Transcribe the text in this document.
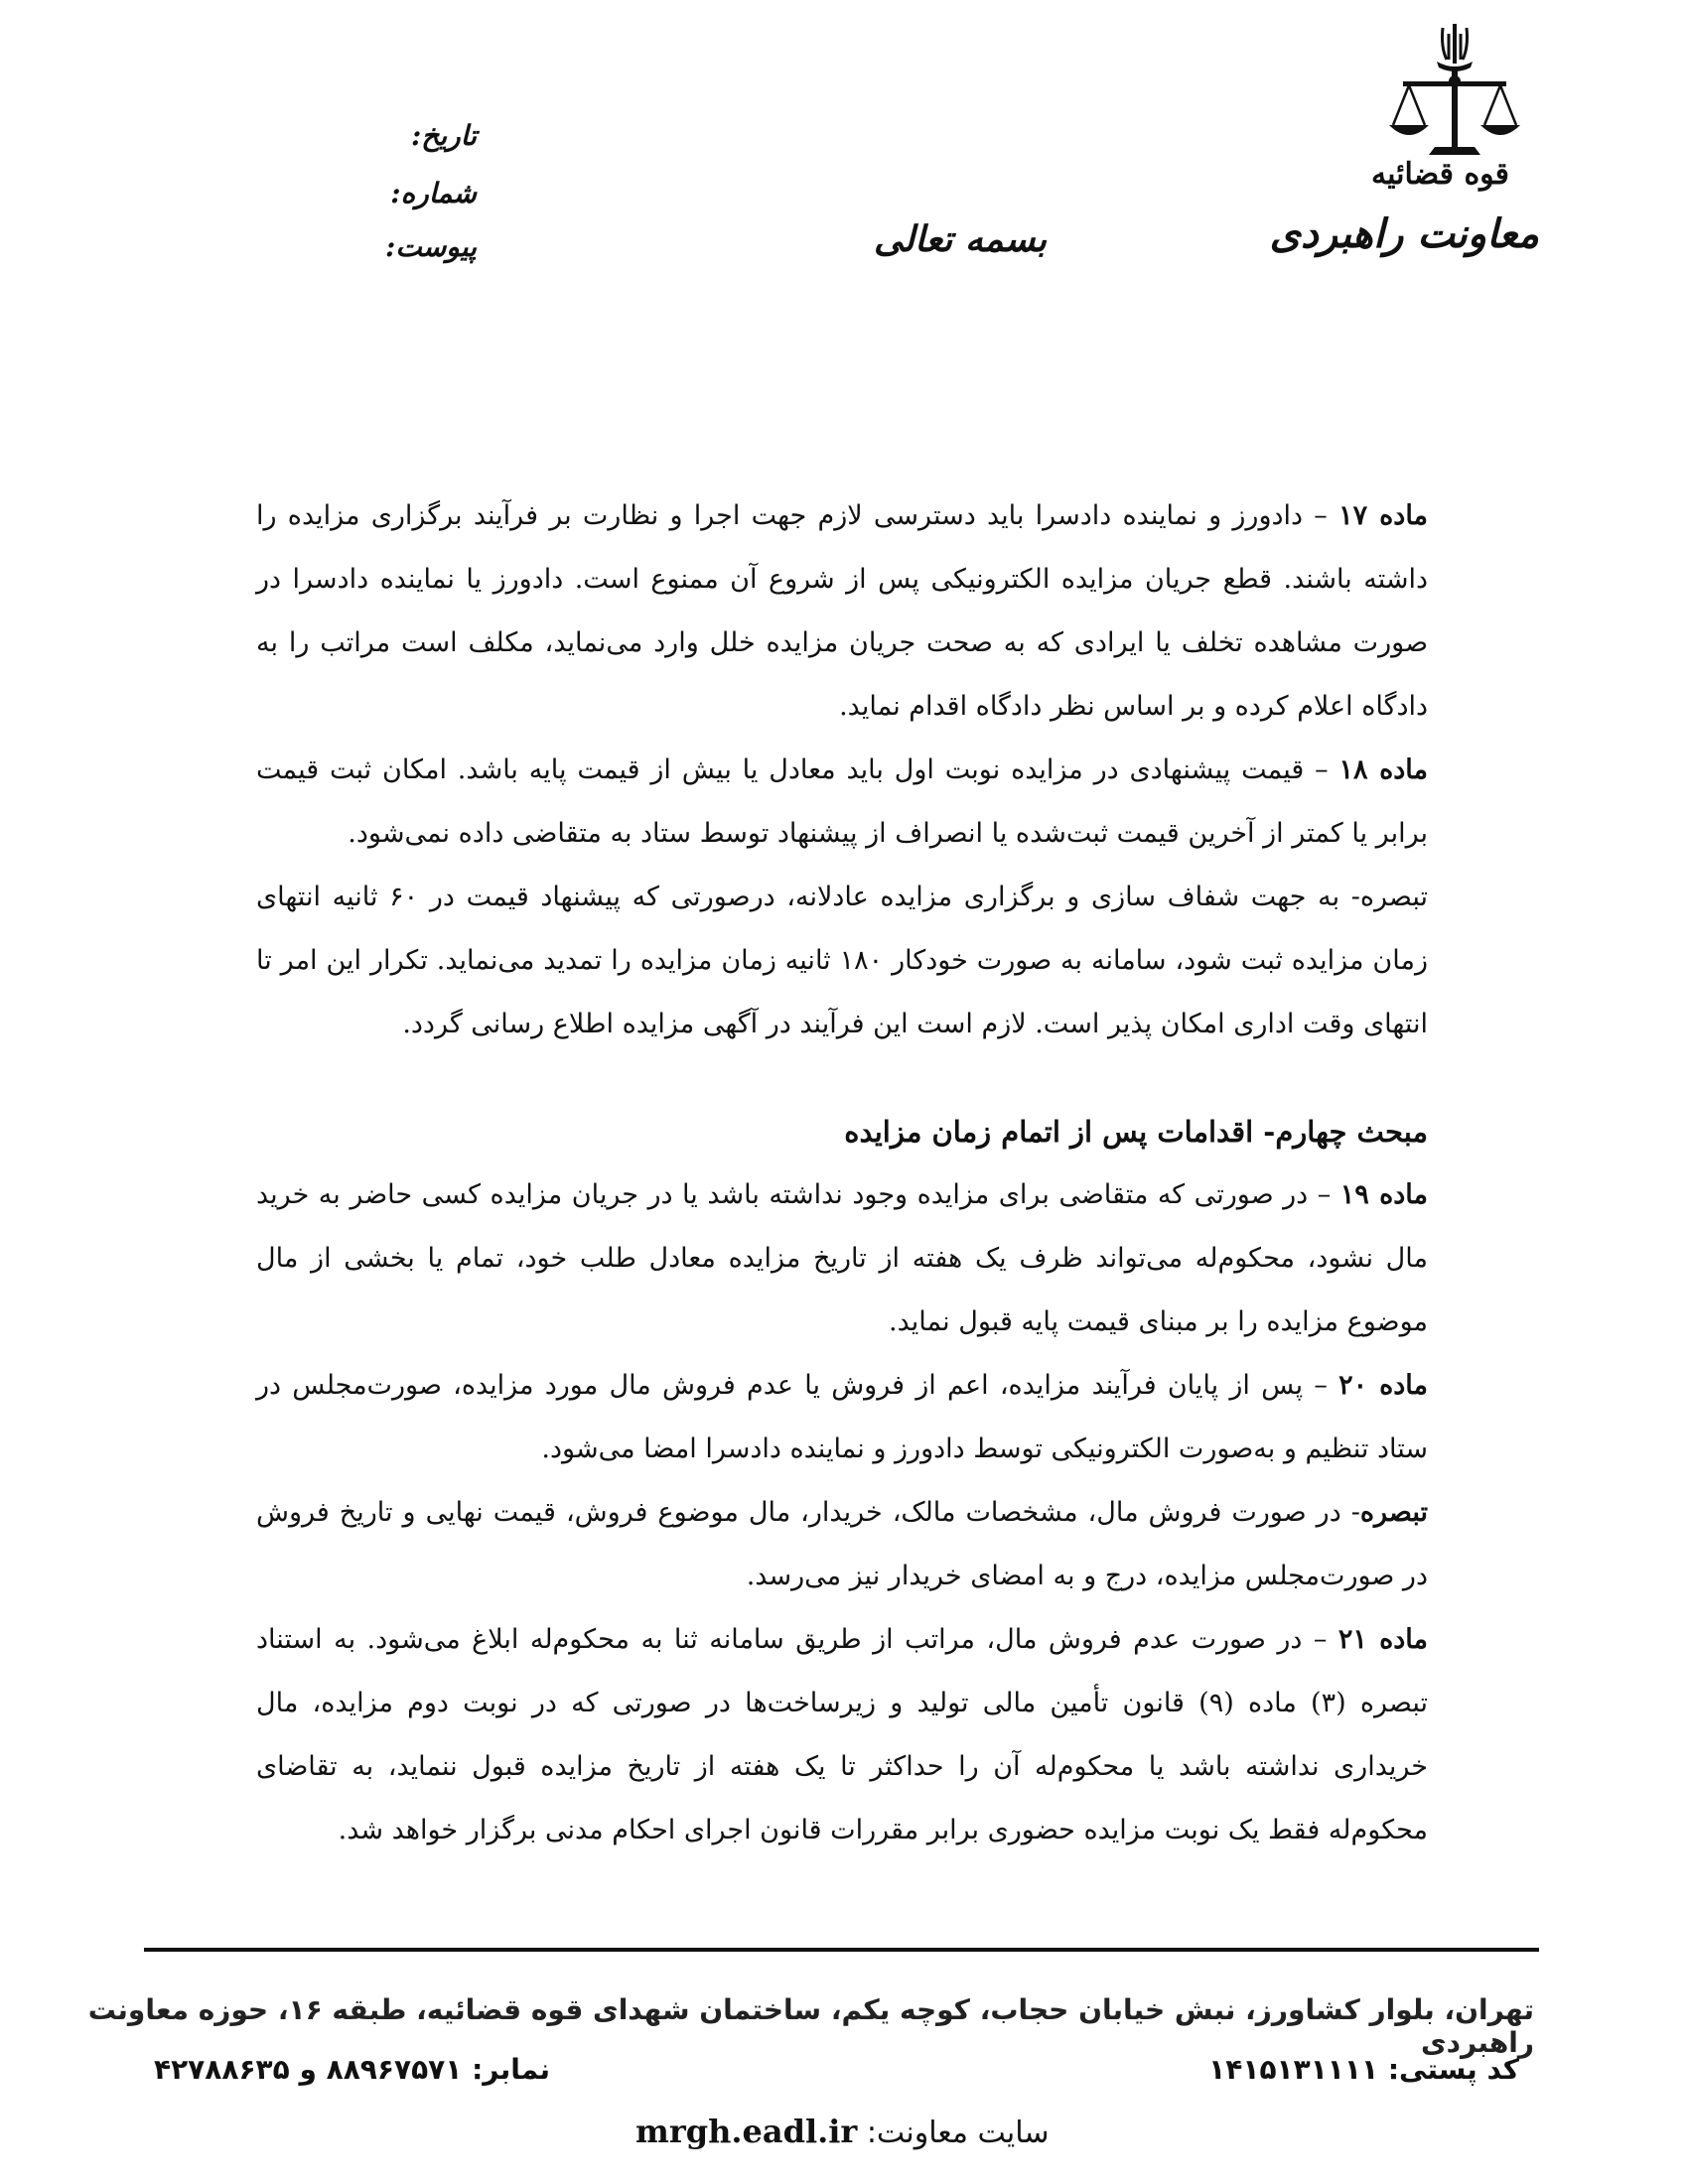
قوه قضائیه
معاونت راهبردی
بسمه تعالی
تاریخ:
شماره:
پیوست:

ماده ۱۷ – دادورز و نماینده دادسرا باید دسترسی لازم جهت اجرا و نظارت بر فرآیند برگزاری مزایده را داشته باشند. قطع جریان مزایده الکترونیکی پس از شروع آن ممنوع است. دادورز یا نماینده دادسرا در صورت مشاهده تخلف یا ایرادی که به صحت جریان مزایده خلل وارد می‌نماید، مکلف است مراتب را به دادگاه اعلام کرده و بر اساس نظر دادگاه اقدام نماید.

ماده ۱۸ – قیمت پیشنهادی در مزایده نوبت اول باید معادل یا بیش از قیمت پایه باشد. امکان ثبت قیمت برابر یا کمتر از آخرین قیمت ثبت‌شده یا انصراف از پیشنهاد توسط ستاد به متقاضی داده نمی‌شود.

تبصره- به جهت شفاف سازی و برگزاری مزایده عادلانه، درصورتی که پیشنهاد قیمت در ۶۰ ثانیه انتهای زمان مزایده ثبت شود، سامانه به صورت خودکار ۱۸۰ ثانیه زمان مزایده را تمدید می‌نماید. تکرار این امر تا انتهای وقت اداری امکان پذیر است. لازم است این فرآیند در آگهی مزایده اطلاع رسانی گردد.

مبحث چهارم- اقدامات پس از اتمام زمان مزایده

ماده ۱۹ – در صورتی که متقاضی برای مزایده وجود نداشته باشد یا در جریان مزایده کسی حاضر به خرید مال نشود، محکوم‌له می‌تواند ظرف یک هفته از تاریخ مزایده معادل طلب خود، تمام یا بخشی از مال موضوع مزایده را بر مبنای قیمت پایه قبول نماید.

ماده ۲۰ – پس از پایان فرآیند مزایده، اعم از فروش یا عدم فروش مال مورد مزایده، صورت‌مجلس در ستاد تنظیم و به‌صورت الکترونیکی توسط دادورز و نماینده دادسرا امضا می‌شود.

تبصره- در صورت فروش مال، مشخصات مالک، خریدار، مال موضوع فروش، قیمت نهایی و تاریخ فروش در صورت‌مجلس مزایده، درج و به امضای خریدار نیز می‌رسد.

ماده ۲۱ – در صورت عدم فروش مال، مراتب از طریق سامانه ثنا به محکوم‌له ابلاغ می‌شود. به استناد تبصره (۳) ماده (۹) قانون تأمین مالی تولید و زیرساخت‌ها در صورتی که در نوبت دوم مزایده، مال خریداری نداشته باشد یا محکوم‌له آن را حداکثر تا یک هفته از تاریخ مزایده قبول ننماید، به تقاضای محکوم‌له فقط یک نوبت مزایده حضوری برابر مقررات قانون اجرای احکام مدنی برگزار خواهد شد.

تهران، بلوار کشاورز، نبش خیابان حجاب، کوچه یکم، ساختمان شهدای قوه قضائیه، طبقه ۱۶، حوزه معاونت راهبردی
کد پستی: ۱۴۱۵۱۳۱۱۱۱
نمابر: ۸۸۹۶۷۵۷۱ و ۴۲۷۸۸۶۳۵
سایت معاونت: mrgh.eadl.ir
